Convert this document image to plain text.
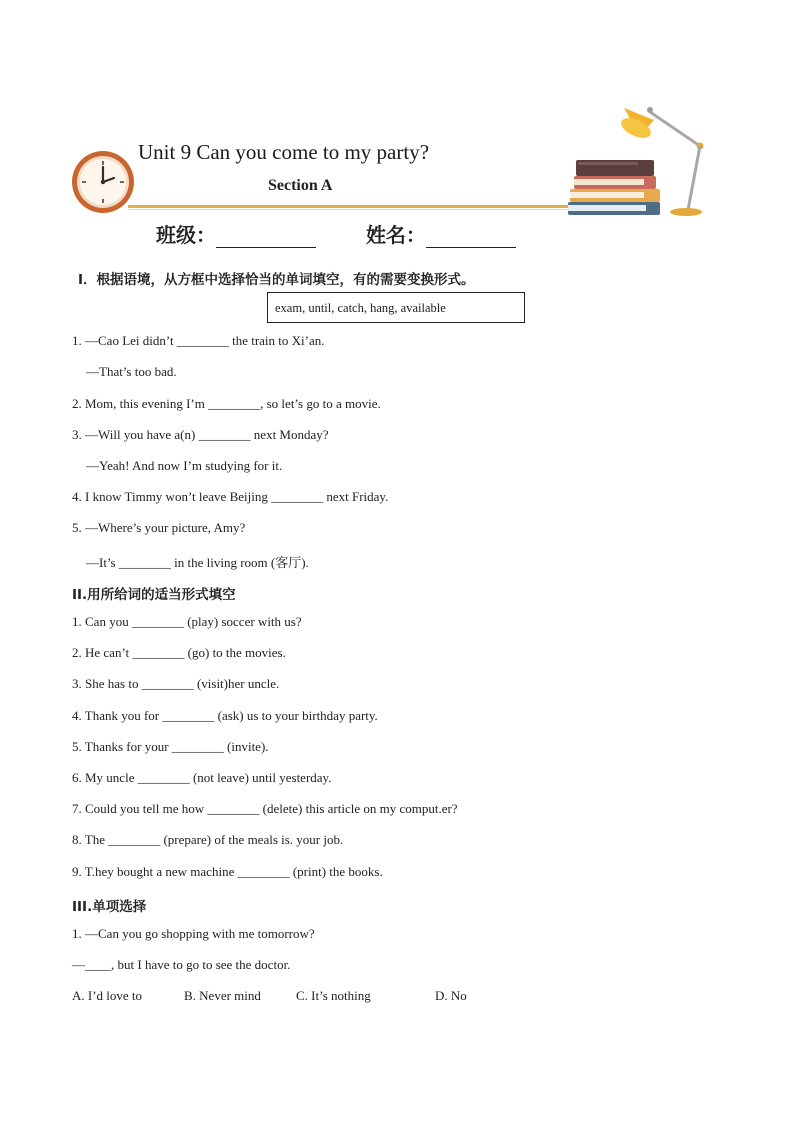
Unit 9 Can you come to my party?
Section A
班级：	姓名：
I．根据语境，从方框中选择恰当的单词填空，有的需要变换形式。
exam, until, catch, hang, available
1. —Cao Lei didn’t ________ the train to Xi’an.
—That’s too bad.
2. Mom, this evening I’m ________, so let’s go to a movie.
3. —Will you have a(n) ________ next Monday?
—Yeah! And now I’m studying for it.
4. I know Timmy won’t leave Beijing ________ next Friday.
5. —Where’s your picture, Amy?
—It’s ________ in the living room (客厅).
II.用所给词的适当形式填空
1. Can you ________ (play) soccer with us?
2. He can’t ________ (go) to the movies.
3. She has to ________ (visit)her uncle.
4. Thank you for ________ (ask) us to your birthday party.
5. Thanks for your ________ (invite).
6. My uncle ________ (not leave) until yesterday.
7. Could you tell me how ________ (delete) this article on my comput.er?
8. The ________ (prepare) of the meals is. your job.
9. T.hey bought a new machine ________ (print) the books.
III.单项选择
1. —Can you go shopping with me tomorrow?
—____, but I have to go to see the doctor.
A. I’d love to	B. Never mind	C. It’s nothing	D. No
